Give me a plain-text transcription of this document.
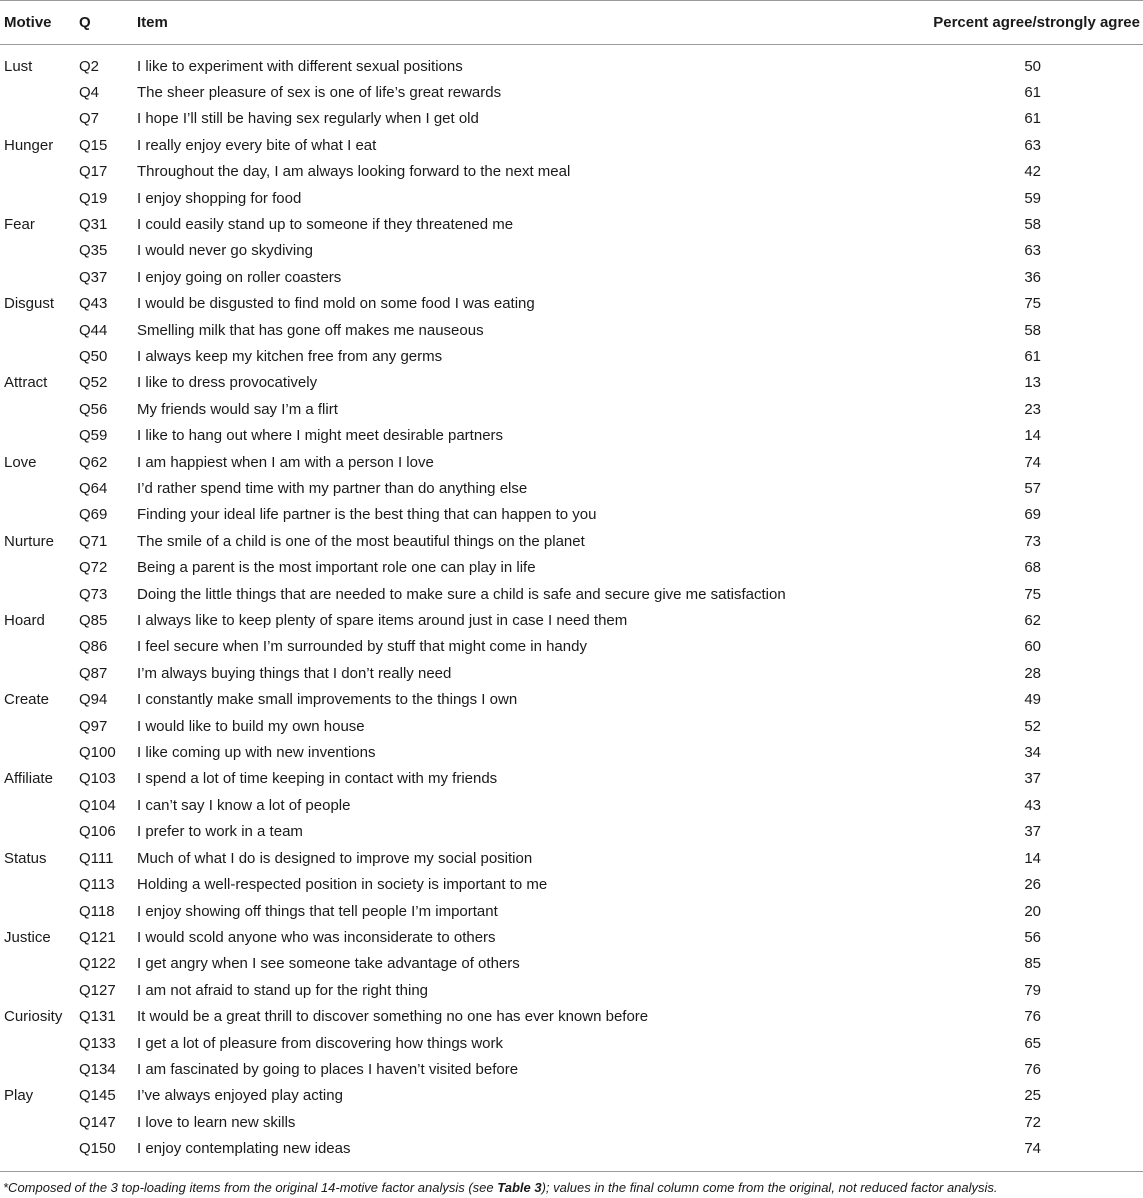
Motive	Q	Item	Percent agree/strongly agree

Lust	Q2	I like to experiment with different sexual positions	50
	Q4	The sheer pleasure of sex is one of life’s great rewards	61
	Q7	I hope I’ll still be having sex regularly when I get old	61
Hunger	Q15	I really enjoy every bite of what I eat	63
	Q17	Throughout the day, I am always looking forward to the next meal	42
	Q19	I enjoy shopping for food	59
Fear	Q31	I could easily stand up to someone if they threatened me	58
	Q35	I would never go skydiving	63
	Q37	I enjoy going on roller coasters	36
Disgust	Q43	I would be disgusted to find mold on some food I was eating	75
	Q44	Smelling milk that has gone off makes me nauseous	58
	Q50	I always keep my kitchen free from any germs	61
Attract	Q52	I like to dress provocatively	13
	Q56	My friends would say I’m a flirt	23
	Q59	I like to hang out where I might meet desirable partners	14
Love	Q62	I am happiest when I am with a person I love	74
	Q64	I’d rather spend time with my partner than do anything else	57
	Q69	Finding your ideal life partner is the best thing that can happen to you	69
Nurture	Q71	The smile of a child is one of the most beautiful things on the planet	73
	Q72	Being a parent is the most important role one can play in life	68
	Q73	Doing the little things that are needed to make sure a child is safe and secure give me satisfaction	75
Hoard	Q85	I always like to keep plenty of spare items around just in case I need them	62
	Q86	I feel secure when I’m surrounded by stuff that might come in handy	60
	Q87	I’m always buying things that I don’t really need	28
Create	Q94	I constantly make small improvements to the things I own	49
	Q97	I would like to build my own house	52
	Q100	I like coming up with new inventions	34
Affiliate	Q103	I spend a lot of time keeping in contact with my friends	37
	Q104	I can’t say I know a lot of people	43
	Q106	I prefer to work in a team	37
Status	Q111	Much of what I do is designed to improve my social position	14
	Q113	Holding a well-respected position in society is important to me	26
	Q118	I enjoy showing off things that tell people I’m important	20
Justice	Q121	I would scold anyone who was inconsiderate to others	56
	Q122	I get angry when I see someone take advantage of others	85
	Q127	I am not afraid to stand up for the right thing	79
Curiosity	Q131	It would be a great thrill to discover something no one has ever known before	76
	Q133	I get a lot of pleasure from discovering how things work	65
	Q134	I am fascinated by going to places I haven’t visited before	76
Play	Q145	I’ve always enjoyed play acting	25
	Q147	I love to learn new skills	72
	Q150	I enjoy contemplating new ideas	74
*Composed of the 3 top-loading items from the original 14-motive factor analysis (see Table 3); values in the final column come from the original, not reduced factor analysis.
